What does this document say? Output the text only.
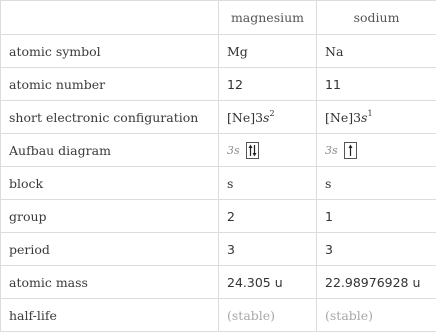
	magnesium	sodium
atomic symbol	Mg	Na
atomic number	12	11
short electronic configuration	$[Ne]3s^2$	$[Ne]3s^1$
Aufbau diagram	3s	3s

block	s	s
group	2	1
period	3	3
atomic mass	24.305 u	22.98976928 u
half-life	(stable)	(stable)
